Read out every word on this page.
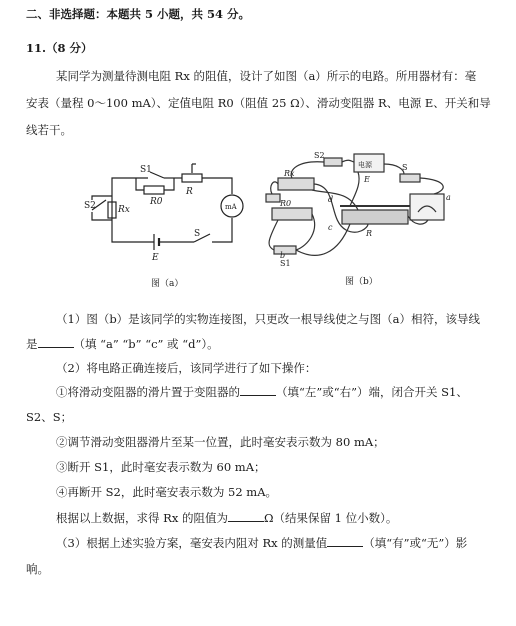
二、非选择题：本题共 5 小题，共 54 分。
11.（8 分）
某同学为测量待测电阻 Rx 的阻值，设计了如图（a）所示的电路。所用器材有：毫
安表（量程 0～100 mA）、定值电阻 R0（阻值 25 Ω）、滑动变阻器 R、电源 E、开关和导
线若干。
S1
R0
R
S2 Rx	mA
E
S
图（a）
S2
Rx
R0
S1
电源
E
S
R
a
b
c
d
图（b）
（1）图（b）是该同学的实物连接图，只更改一根导线使之与图（a）相符，该导线
是	（填 “a” “b” “c” 或 “d”）。
（2）将电路正确连接后，该同学进行了如下操作：
①将滑动变阻器的滑片置于变阻器的	（填“左”或“右”）端，闭合开关 S1、
S2、S；
②调节滑动变阻器滑片至某一位置，此时毫安表示数为 80 mA；
③断开 S1，此时毫安表示数为 60 mA；
④再断开 S2，此时毫安表示数为 52 mA。
根据以上数据，求得 Rx 的阻值为	Ω（结果保留 1 位小数）。
（3）根据上述实验方案，毫安表内阻对 Rx 的测量值	（填“有”或“无”）影
响。
